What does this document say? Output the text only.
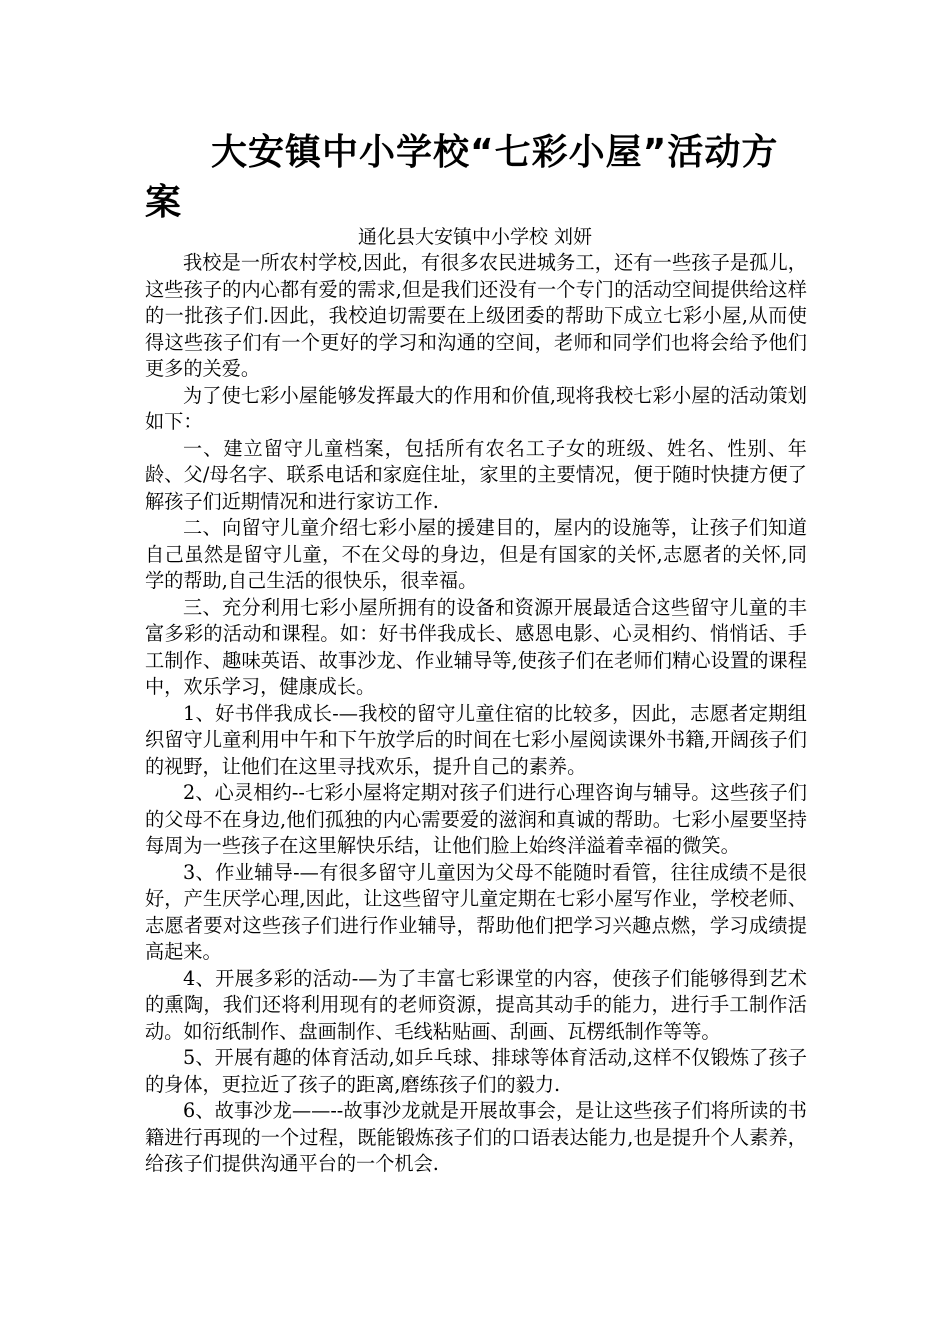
大安镇中小学校“七彩小屋”活动方案

通化县大安镇中小学校 刘妍

我校是一所农村学校,因此，有很多农民进城务工，还有一些孩子是孤儿，这些孩子的内心都有爱的需求,但是我们还没有一个专门的活动空间提供给这样的一批孩子们.因此，我校迫切需要在上级团委的帮助下成立七彩小屋,从而使得这些孩子们有一个更好的学习和沟通的空间，老师和同学们也将会给予他们更多的关爱。

为了使七彩小屋能够发挥最大的作用和价值,现将我校七彩小屋的活动策划如下：

一、建立留守儿童档案，包括所有农名工子女的班级、姓名、性别、年龄、父/母名字、联系电话和家庭住址，家里的主要情况，便于随时快捷方便了解孩子们近期情况和进行家访工作.

二、向留守儿童介绍七彩小屋的援建目的，屋内的设施等，让孩子们知道自己虽然是留守儿童，不在父母的身边，但是有国家的关怀,志愿者的关怀,同学的帮助,自己生活的很快乐，很幸福。

三、充分利用七彩小屋所拥有的设备和资源开展最适合这些留守儿童的丰富多彩的活动和课程。如：好书伴我成长、感恩电影、心灵相约、悄悄话、手工制作、趣味英语、故事沙龙、作业辅导等,使孩子们在老师们精心设置的课程中，欢乐学习，健康成长。

1、好书伴我成长-—我校的留守儿童住宿的比较多，因此，志愿者定期组织留守儿童利用中午和下午放学后的时间在七彩小屋阅读课外书籍,开阔孩子们的视野，让他们在这里寻找欢乐，提升自己的素养。

2、心灵相约--七彩小屋将定期对孩子们进行心理咨询与辅导。这些孩子们的父母不在身边,他们孤独的内心需要爱的滋润和真诚的帮助。七彩小屋要坚持每周为一些孩子在这里解快乐结，让他们脸上始终洋溢着幸福的微笑。

3、作业辅导-—有很多留守儿童因为父母不能随时看管，往往成绩不是很好，产生厌学心理,因此，让这些留守儿童定期在七彩小屋写作业，学校老师、志愿者要对这些孩子们进行作业辅导，帮助他们把学习兴趣点燃，学习成绩提高起来。

4、开展多彩的活动-—为了丰富七彩课堂的内容，使孩子们能够得到艺术的熏陶，我们还将利用现有的老师资源，提高其动手的能力，进行手工制作活动。如衍纸制作、盘画制作、毛线粘贴画、刮画、瓦楞纸制作等等。

5、开展有趣的体育活动,如乒乓球、排球等体育活动,这样不仅锻炼了孩子的身体，更拉近了孩子的距离,磨练孩子们的毅力.

6、故事沙龙——--故事沙龙就是开展故事会，是让这些孩子们将所读的书籍进行再现的一个过程，既能锻炼孩子们的口语表达能力,也是提升个人素养，给孩子们提供沟通平台的一个机会.
